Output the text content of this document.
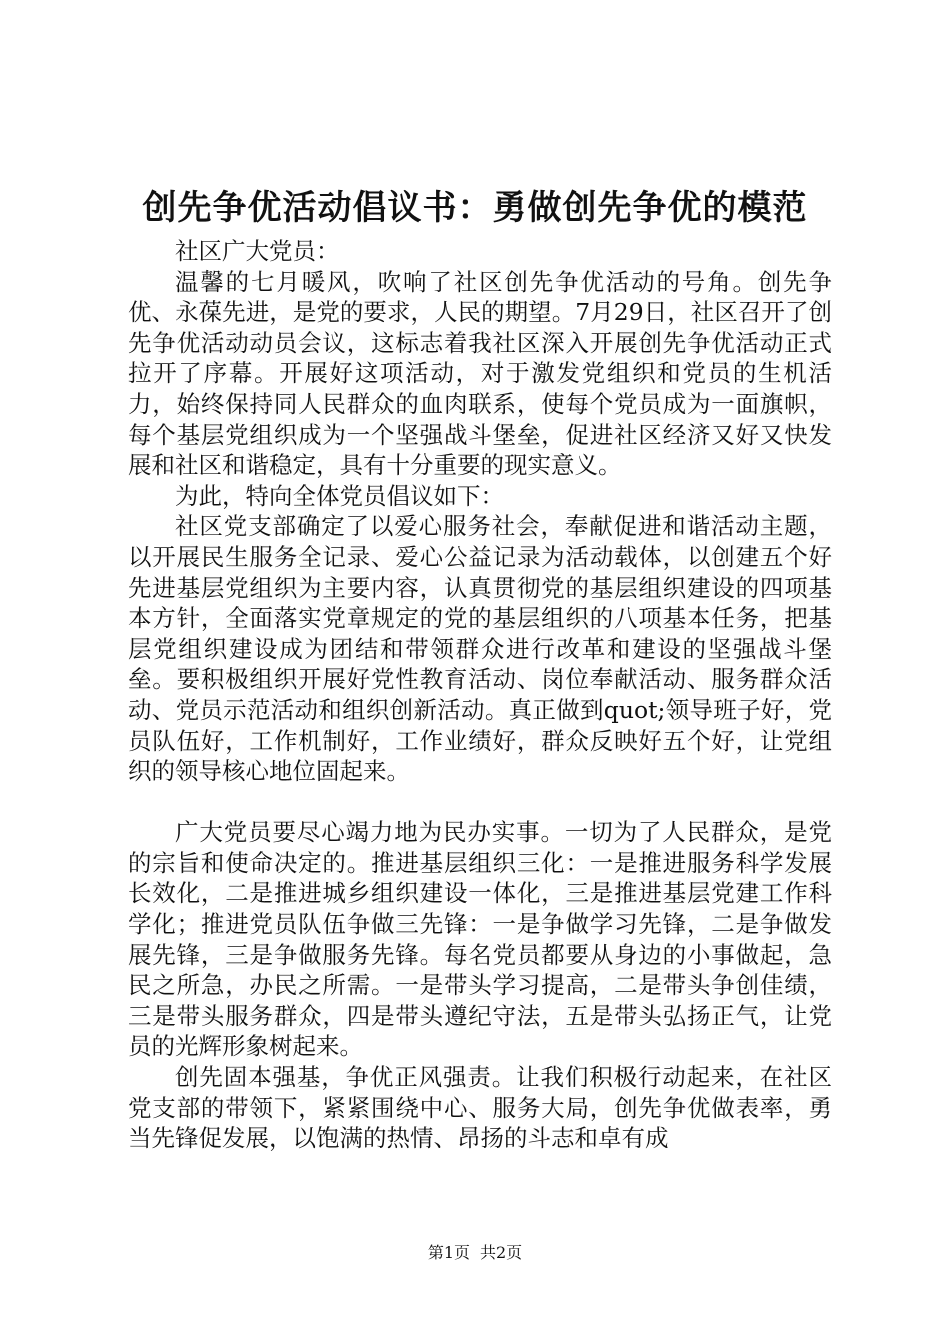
创先争优活动倡议书：勇做创先争优的模范

社区广大党员：

温馨的七月暖风，吹响了社区创先争优活动的号角。创先争优、永葆先进，是党的要求，人民的期望。7月29日，社区召开了创先争优活动动员会议，这标志着我社区深入开展创先争优活动正式拉开了序幕。开展好这项活动，对于激发党组织和党员的生机活力，始终保持同人民群众的血肉联系，使每个党员成为一面旗帜，每个基层党组织成为一个坚强战斗堡垒，促进社区经济又好又快发展和社区和谐稳定，具有十分重要的现实意义。

为此，特向全体党员倡议如下：

社区党支部确定了以爱心服务社会，奉献促进和谐活动主题，以开展民生服务全记录、爱心公益记录为活动载体，以创建五个好先进基层党组织为主要内容，认真贯彻党的基层组织建设的四项基本方针，全面落实党章规定的党的基层组织的八项基本任务，把基层党组织建设成为团结和带领群众进行改革和建设的坚强战斗堡垒。要积极组织开展好党性教育活动、岗位奉献活动、服务群众活动、党员示范活动和组织创新活动。真正做到quot;领导班子好，党员队伍好，工作机制好，工作业绩好，群众反映好五个好，让党组织的领导核心地位固起来。

广大党员要尽心竭力地为民办实事。一切为了人民群众，是党的宗旨和使命决定的。推进基层组织三化：一是推进服务科学发展长效化，二是推进城乡组织建设一体化，三是推进基层党建工作科学化；推进党员队伍争做三先锋：一是争做学习先锋，二是争做发展先锋，三是争做服务先锋。每名党员都要从身边的小事做起，急民之所急，办民之所需。一是带头学习提高，二是带头争创佳绩，三是带头服务群众，四是带头遵纪守法，五是带头弘扬正气，让党员的光辉形象树起来。

创先固本强基，争优正风强责。让我们积极行动起来，在社区党支部的带领下，紧紧围绕中心、服务大局，创先争优做表率，勇当先锋促发展，以饱满的热情、昂扬的斗志和卓有成

第1页 共2页
